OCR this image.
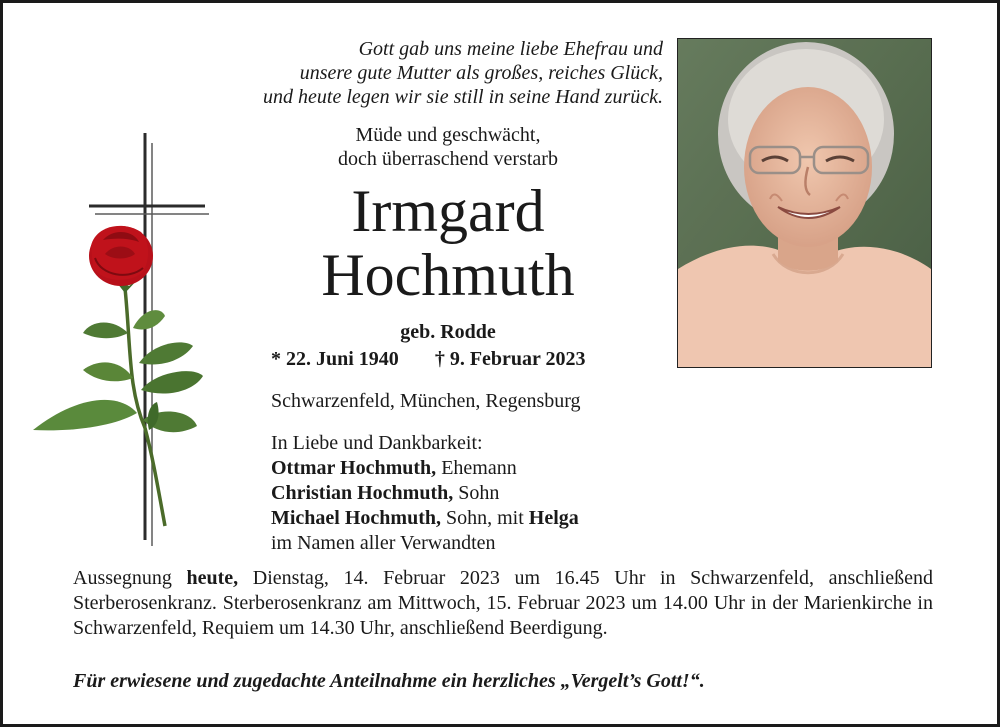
Gott gab uns meine liebe Ehefrau und
unsere gute Mutter als großes, reiches Glück,
und heute legen wir sie still in seine Hand zurück.
Müde und geschwächt,
doch überraschend verstarb
Irmgard
Hochmuth
geb. Rodde
* 22. Juni 1940 † 9. Februar 2023
Schwarzenfeld, München, Regensburg
In Liebe und Dankbarkeit:
Ottmar Hochmuth, Ehemann
Christian Hochmuth, Sohn
Michael Hochmuth, Sohn, mit Helga
im Namen aller Verwandten
Aussegnung heute, Dienstag, 14. Februar 2023 um 16.45 Uhr in Schwarzenfeld, anschließend Sterberosenkranz. Sterberosenkranz am Mittwoch, 15. Februar 2023 um 14.00 Uhr in der Marienkirche in Schwarzenfeld, Requiem um 14.30 Uhr, anschließend Beerdigung.
Für erwiesene und zugedachte Anteilnahme ein herzliches „Vergelt’s Gott!“.
